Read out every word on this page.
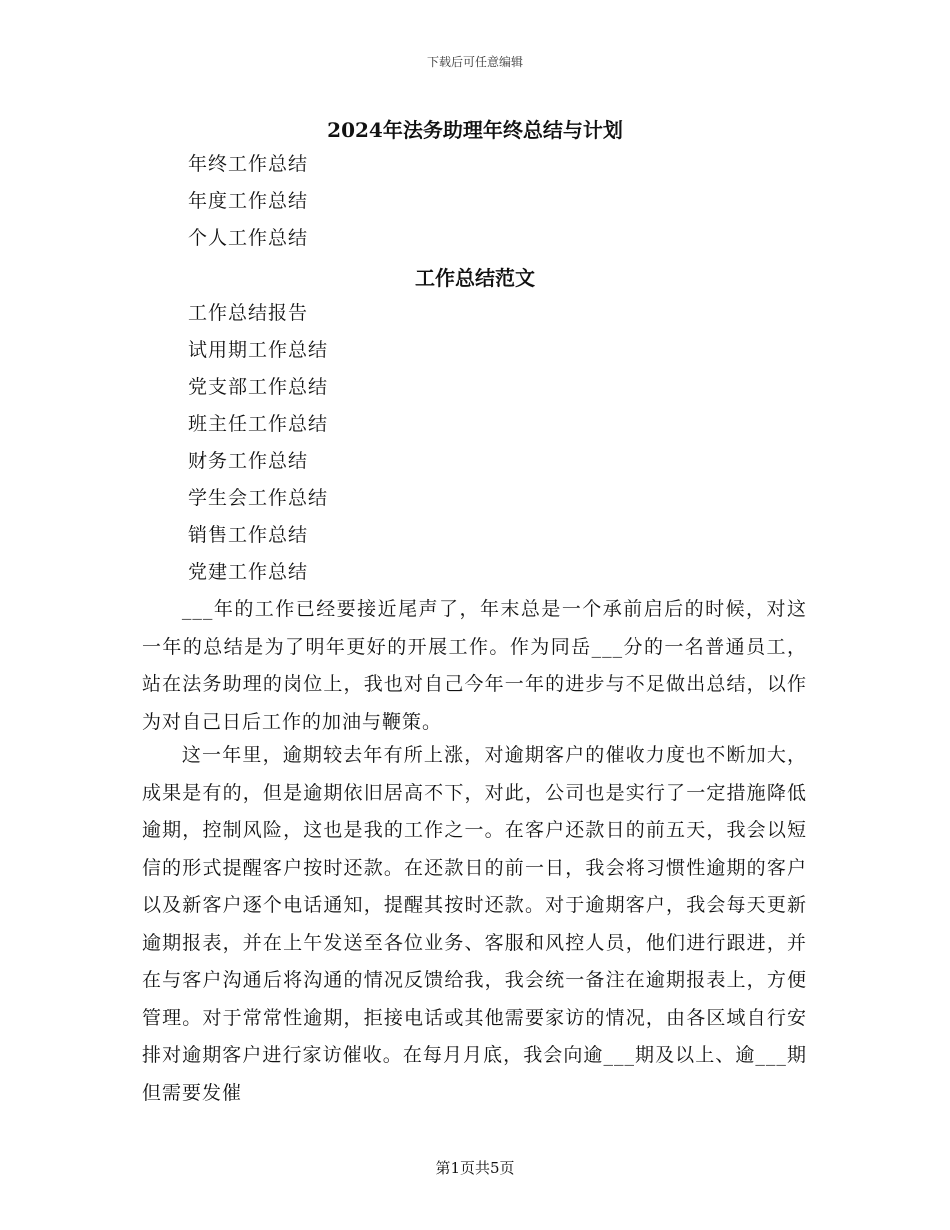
下载后可任意编辑
2024年法务助理年终总结与计划
年终工作总结
年度工作总结
个人工作总结
工作总结范文
工作总结报告
试用期工作总结
党支部工作总结
班主任工作总结
财务工作总结
学生会工作总结
销售工作总结
党建工作总结

___年的工作已经要接近尾声了，年末总是一个承前启后的时候，对这一年的总结是为了明年更好的开展工作。作为同岳___分的一名普通员工，站在法务助理的岗位上，我也对自己今年一年的进步与不足做出总结，以作为对自己日后工作的加油与鞭策。

这一年里，逾期较去年有所上涨，对逾期客户的催收力度也不断加大，成果是有的，但是逾期依旧居高不下，对此，公司也是实行了一定措施降低逾期，控制风险，这也是我的工作之一。在客户还款日的前五天，我会以短信的形式提醒客户按时还款。在还款日的前一日，我会将习惯性逾期的客户以及新客户逐个电话通知，提醒其按时还款。对于逾期客户，我会每天更新逾期报表，并在上午发送至各位业务、客服和风控人员，他们进行跟进，并在与客户沟通后将沟通的情况反馈给我，我会统一备注在逾期报表上，方便管理。对于常常性逾期，拒接电话或其他需要家访的情况，由各区域自行安排对逾期客户进行家访催收。在每月月底，我会向逾___期及以上、逾___期但需要发催

第1页共5页
